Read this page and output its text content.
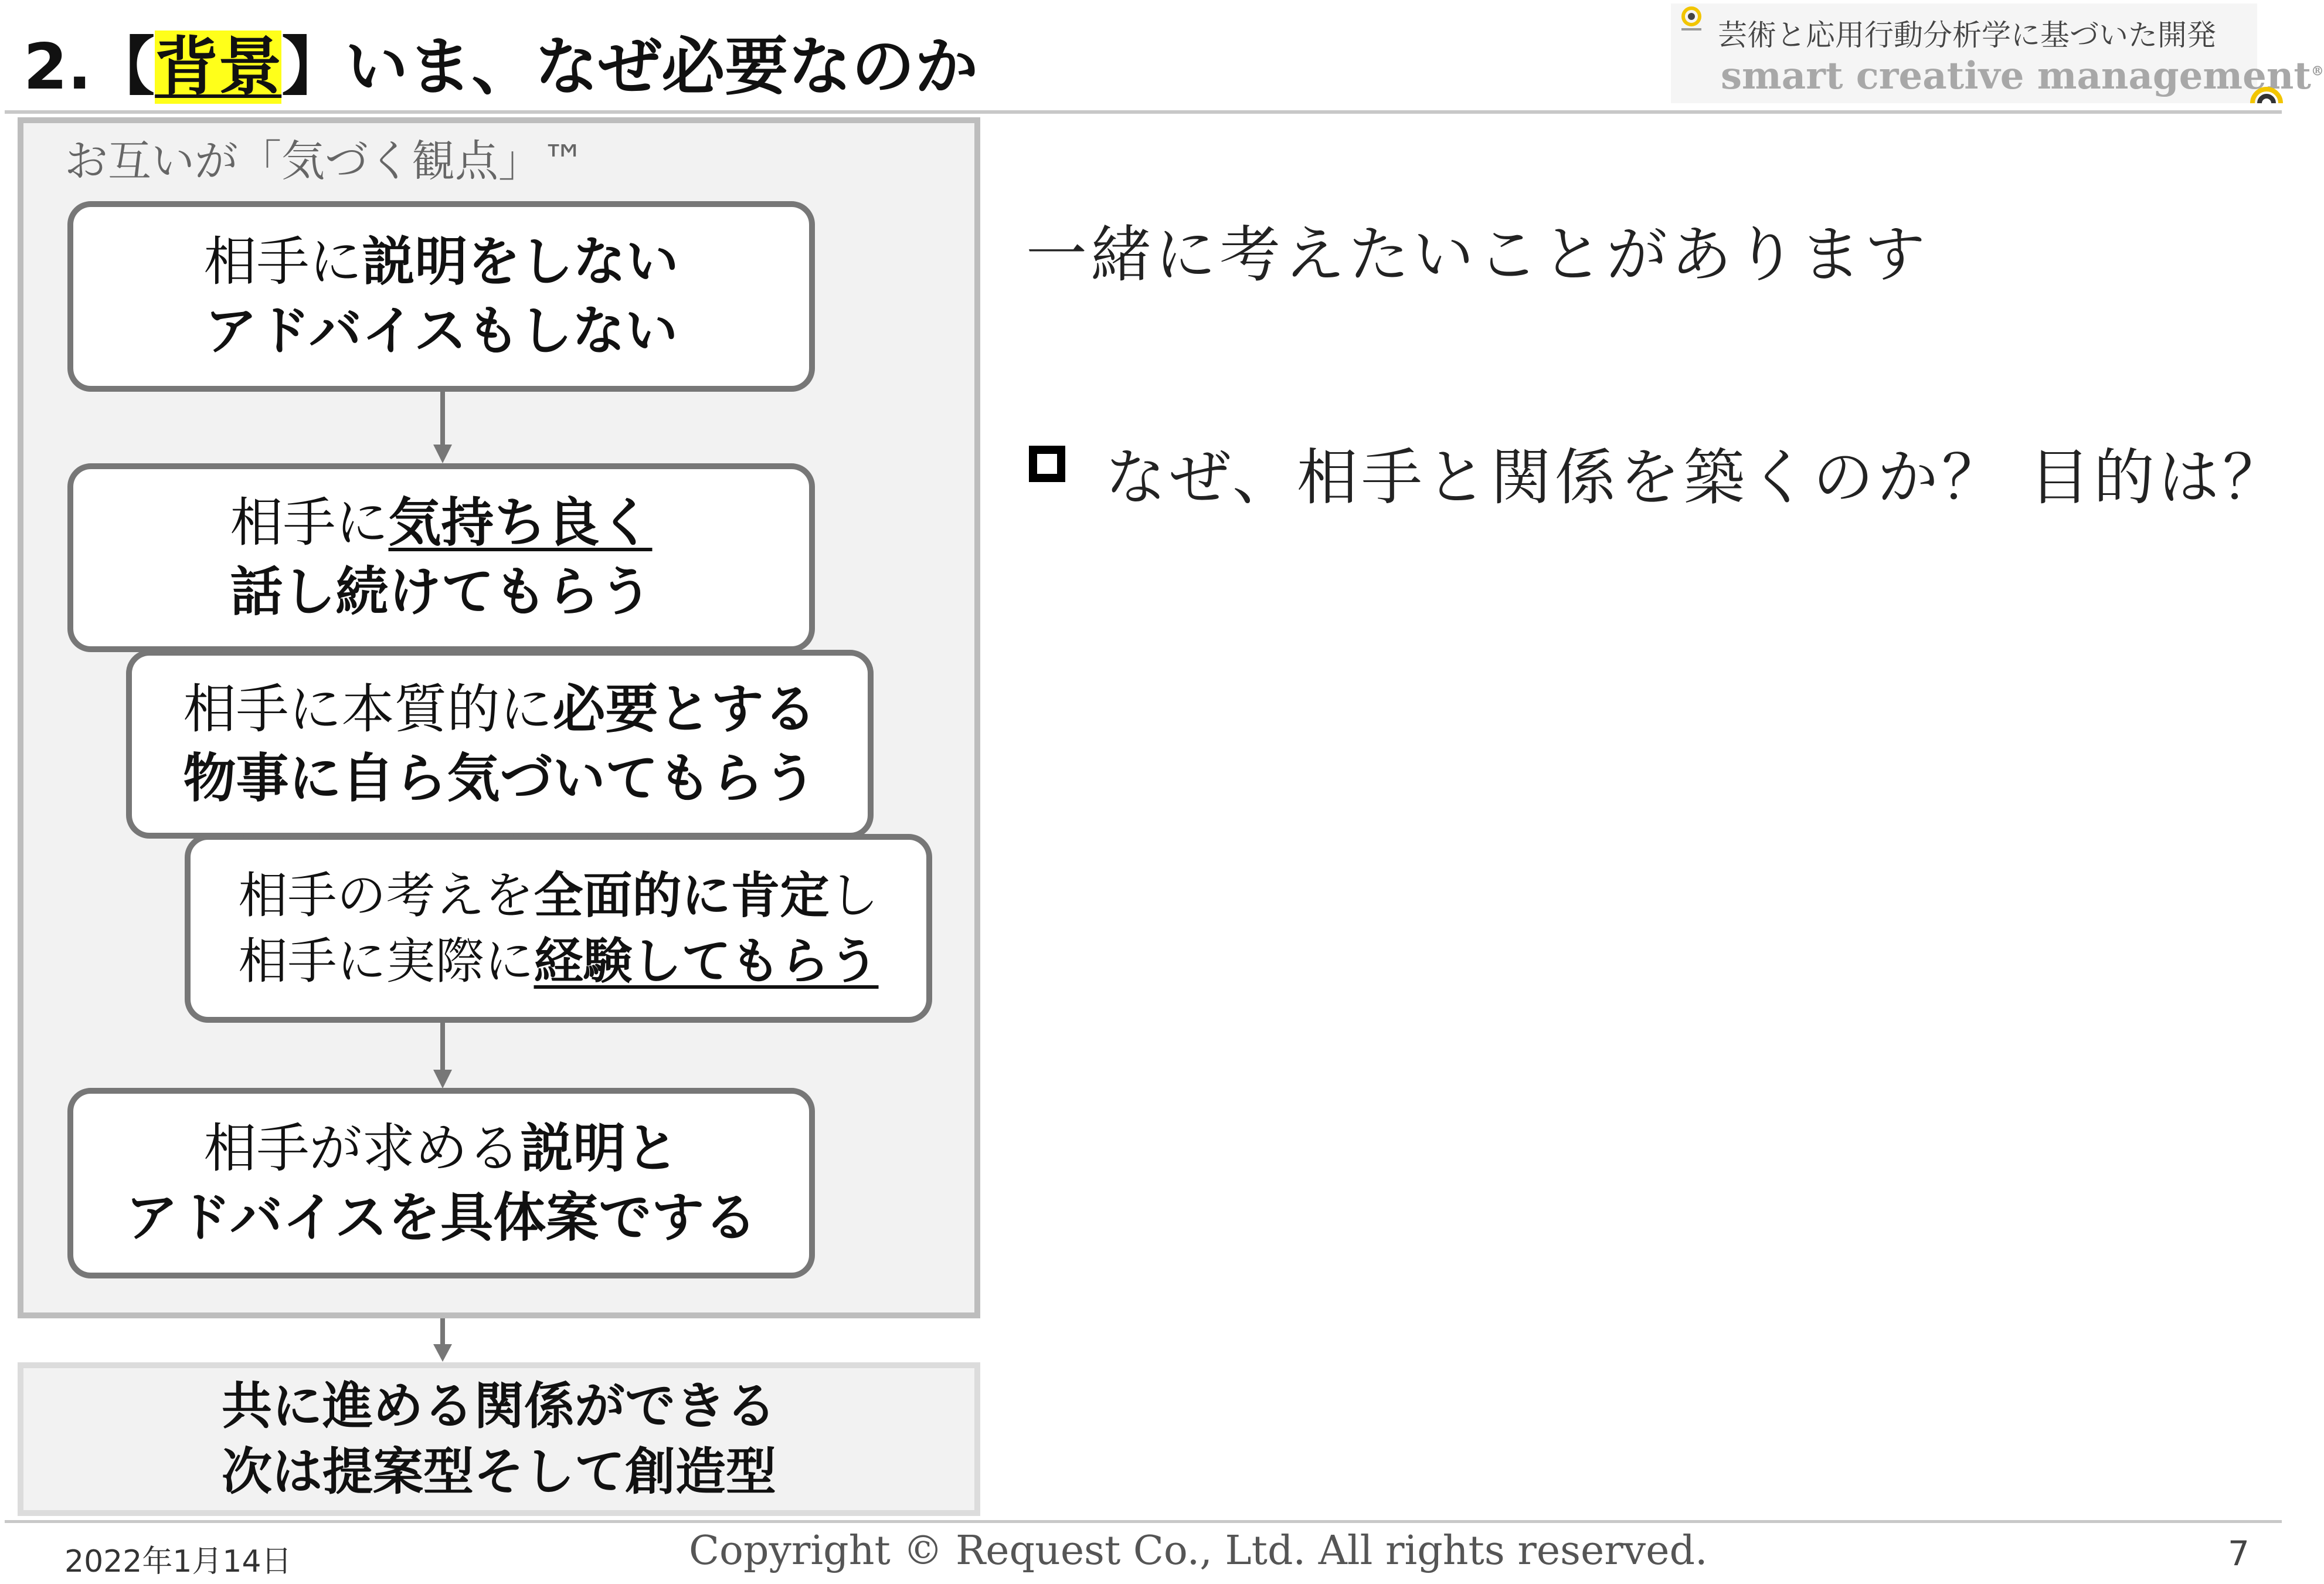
2.【背景】いま、なぜ必要なのか	芸術と応用行動分析学に基づいた開発
smart creative management®
お互いが「気づく観点」™
相手に説明をしない
アドバイスもしない
相手に気持ち良く
話し続けてもらう
相手に本質的に必要とする
物事に自ら気づいてもらう
相手の考えを全面的に肯定し
相手に実際に経験してもらう
相手が求める説明と
アドバイスを具体案でする
共に進める関係ができる
次は提案型そして創造型
一緒に考えたいことがあります
なぜ、相手と関係を築くのか？ 目的は？
2022年1月14日	Copyright © Request Co., Ltd. All rights reserved.	7
